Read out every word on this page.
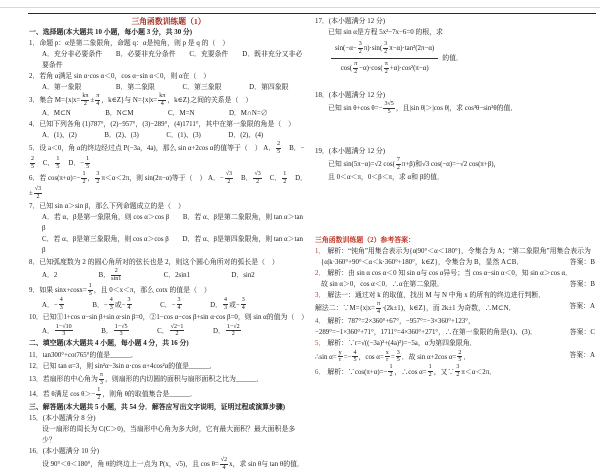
三角函数训练题（1）
一、选择题(本大题共 10 小题，每小题 3 分，共 30 分)
1．命题 p：α是第二象限角，命题 q：α是钝角，则 p 是 q 的（　）
A．充分非必要条件　　B．必要非充分条件　　C．充要条件　　D．既非充分又非必要条件
2．若角 α满足 sin α·cos α＜0，cos α−sin α＜0，则 α在（　）
A．第一象限　　　　　B．第二象限　　　　C．第三象限　　　　D．第四象限
3．集合 $M=\{x|x= \frac{k\pi}{2} \pm \frac{\pi}{4}$ ，k∈Z}与 $N=\{x|x= \frac{k\pi}{4}$ ，k∈Z}之间的关系是（　）
A．M⊂N　　　　　B．N⊂M　　　　　C．M=N　　　　　D．M∩N=∅
4．已知下列各角 (1)787°，(2)−957°，(3)−289°，(4)1711°，其中在第一象限的角是（　）
A．(1)、(2)　　　　B．(2)、(3)　　　　C．(1)、(3)　　　　D．(2)、(4)
5．设 a＜0，角 α的终边经过点 P(−3a，4a)，那么 sin α+2cos α的值等于（　） A． $\frac{2}{5}$ 　B．−
$\frac{2}{5}$ 　C． $\frac{1}{5}$ 　D．− $\frac{1}{5}$
6．若 $\cos(\pi+\alpha)=- \frac{1}{2}$ ， $\frac{3}{2} \pi<\alpha<2\pi$，则 sin(2π−α)等于（　） A．− $\frac{√3}{2}$ 　B． $\frac{√3}{2}$ 　C． $\frac{1}{2}$ 　D．± $\frac{√3}{2}$
7．已知 sin α＞sin β，那么下列命题成立的是（　）
A．若 α、β是第一象限角，则 cos α＞cos β　　B．若 α、β是第二象限角，则 tan α＞tan β
C．若 α、β是第三象限角，则 cos α＞cos β　　D．若 α、β是第四象限角，则 tan α＞tan β
8．已知弧度数为 2 的圆心角所对的弦长也是 2，则这个圆心角所对的弧长是（　）
A．2　　　　　　B． $\frac{2}{\sin 1}$ 　　　　　　C．2sin1　　　　　　D．sin2
9．如果 $\sin x+\cos x= \frac{1}{5}$ ，且 0＜x＜π，那么 cotx 的值是（　）
A．− $\frac{4}{3}$ 　　　　B．− $\frac{4}{3}$ 或− $\frac{3}{4}$ 　　　　C．− $\frac{3}{4}$ 　　　　D． $\frac{4}{3}$ 或− $\frac{3}{4}$
10．已知①1+cos α−sin β+sin α·sin β=0，②1−cos α−cos β+sin α·cos β=0，则 sin α的值为（　）
A． $\frac{1-√10}{3}$ 　　　　B． $\frac{1-√5}{3}$ 　　　　C． $\frac{√2-1}{2}$ 　　　　D． $\frac{1-√2}{2}$
二、填空题(本大题共 4 小题，每小题 4 分，共 16 分)
11．tan300°+cot765°的值是______．
12．已知 tan α=3，则 sin²α−3sin α·cos α+4cos²α的值是______．
13．若扇形的中心角为 $\frac{\pi}{3}$ ，则扇形的内切圆的面积与扇形面积之比为______．
14．若 θ满足 $\cos \theta>- \frac{1}{2}$ ，则角 θ的取值集合是______．
三、解答题(本大题共 5 小题，共 54 分．解答应写出文字说明，证明过程或演算步骤)
15．(本小题满分 8 分)
设一扇形的周长为 C(C＞0)，当扇形中心角为多大时，它有最大面积？最大面积是多少？
16．(本小题满分 10 分)
设 90°＜θ＜180°，角 θ的终边上一点为 P(x，√5)，且 $\cos \theta= \frac{√2}{4}$ x，求 sin θ与 tan θ的值．
17．(本小题满分 12 分)
已知 sin α是方程 5x²−7x−6=0 的根，求
$\frac{\sin(-\alpha- \frac{3}{2} \pi)\cdot\sin( \frac{3}{2} \pi-\alpha)\cdot\tan^2(2\pi-\alpha)}{\cos( \frac{\pi}{2} -\alpha)\cdot\cos( \frac{\pi}{2} +\alpha)\cdot\cos^2(\pi-\alpha)}$ 的值．
18．(本小题满分 12 分)
已知 sin θ+cos $\theta=- \frac{3√5}{5}$ ，且|sin θ|＞|cos θ|，求 cos³θ−sin³θ的值．
19．(本小题满分 12 分)
已知 sin(5π−α)=√2 $\cos( \frac{7}{2} \pi+\beta)$和√3 cos(−α)=−√2 cos(π+β)，
且 0＜α＜π，0＜β＜π，求 α和 β的值．
三角函数训练题（2）参考答案：
1． 解析：“钝角”用集合表示为{α|90°＜α＜180°}，令集合为 A；“第二象限角”用集合表示为
{α|k·360°+90°＜α＜k·360°+180°，k∈Z}，令集合为 B，显然 A⊂B．	答案：B
2． 解析：由 sin α cos α＜0 知 sin α与 cos α异号；当 cos α−sin α＜0，知 sin α＞cos α．
故 sin α＞0，cos α＜0．∴α在第二象限．	答案：B
3． 解法一：通过对 k 的取值，找出 M 与 N 中角 x 的所有的终边进行判断．
解法二：∵M={x|x= $\frac{\pi}{4} \cdot(2k\pm 1)$，k∈Z}，而 2k±1 为奇数，∴M⊂N．	答案：A
4． 解析：787°=2×360°+67°，−957°=−3×360°+123°，
−289°=−1×360°+71°，1711°=4×360°+271°，∴在第一象限的角是(1)、(3)．	答案：C
5． 解析：∵r=√((−3a)²+(4a)²)=−5a，α为第四象限角．
∴sin $\alpha= \frac{y}{r} =- \frac{4}{5}$ ，$\cos \alpha= \frac{x}{r} = \frac{3}{5}$ ．故 sin α+2cos $\alpha= \frac{2}{5}$ ．	答案：A
6． 解析：∵cos(π+α)=− $\frac{1}{2}$ ，∴cos $\alpha= \frac{1}{2}$ ，又∵ $\frac{3}{2} \pi<\alpha<2\pi$．
